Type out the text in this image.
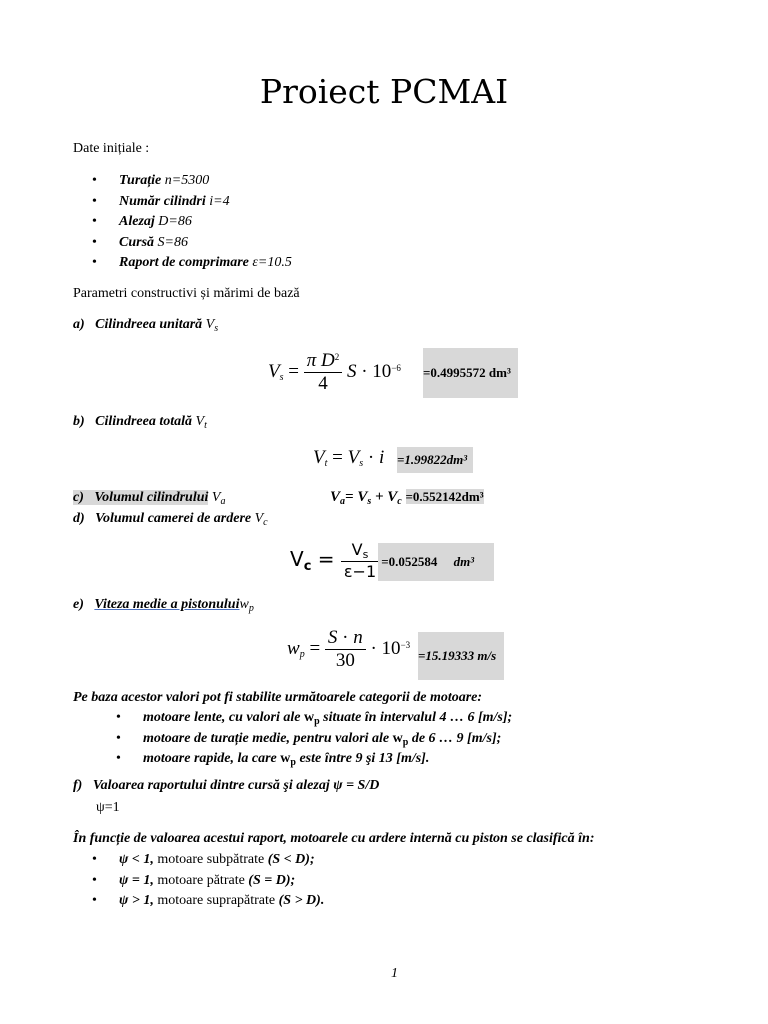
Proiect PCMAI
Date inițiale :
• Turație n=5300
• Număr cilindri i=4
• Alezaj D=86
• Cursă S=86
• Raport de comprimare ε=10.5
Parametri constructivi și mărimi de bază
a) Cilindreea unitară $V_s$
$V_s = \frac{\pi D^2}{4}$ $S \cdot 10^{-6} =0.4995572$ dm³
b) Cilindreea totală $V_t$
$V_t = V_s \cdot i =1.99822dm^3$
c) Volumul cilindrului $V_a$	$V_a= V_s + V_c =0.552142dm^3$
d) Volumul camerei de ardere $V_c$
$V_c = \frac{Vs}{\varepsilon-1} =0.052584$ dm³
e) Viteza medie a pistonuluiw$_p$
$w_p = \frac{S \cdot n}{30} \cdot 10^{-3}$
=15.19333 m/s
Pe baza acestor valori pot fi stabilite următoarele categorii de motoare:
• motoare lente, cu valori ale $w_p$ situate în intervalul 4 … 6 [m/s];
• motoare de turație medie, pentru valori ale $w_p$ de 6 … 9 [m/s];
• motoare rapide, la care $w_p$ este între 9 şi 13 [m/s].
f) Valoarea raportului dintre cursă şi alezaj ψ = S/D
ψ=1
În funcție de valoarea acestui raport, motoarele cu ardere internă cu piston se clasifică în:
• ψ < 1, motoare subpătrate (S < D);
• ψ = 1, motoare pătrate (S = D);
• ψ > 1, motoare suprapătrate (S > D).
1
